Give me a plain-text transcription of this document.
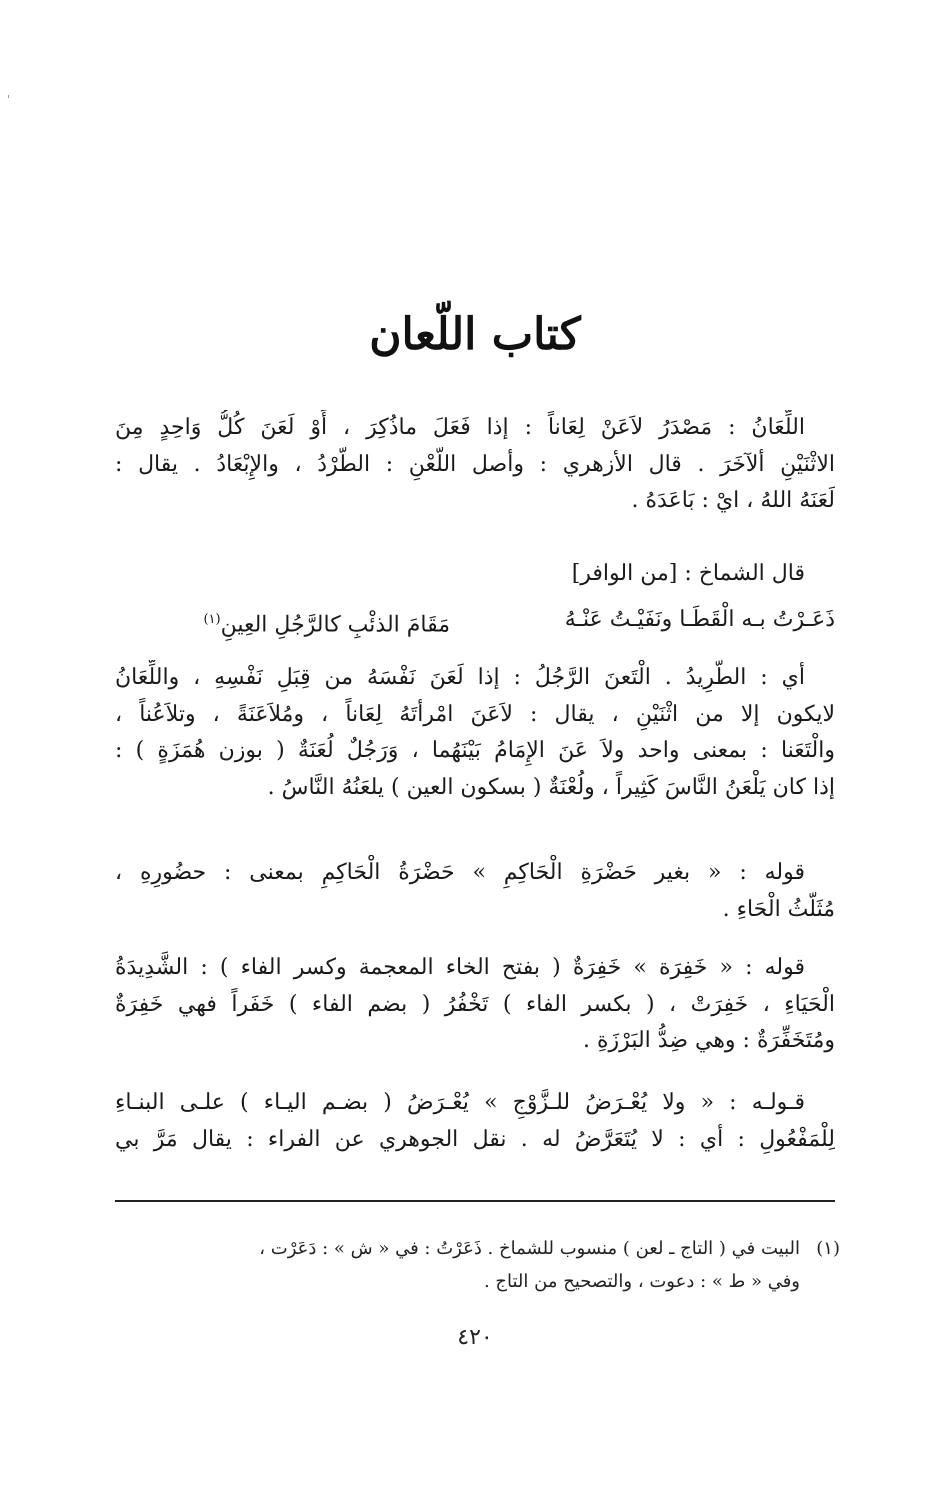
كتاب اللّعان
اللِّعَانُ : مَصْدَرُ لاَعَنْ لِعَاناً : إذا فَعَلَ ماذُكِرَ ، أَوْ لَعَنَ كُلُّ وَاحِدٍ مِنَ
الاثْنَيْنِ ألآخَرَ . قال الأزهري : وأصل اللَّعْنِ : الطَّرْدُ ، والإِبْعَادُ . يقال :
لَعَنَهُ اللهُ ، ايْ : بَاعَدَهُ .
قال الشماخ : [من الوافر]
ذَعَـرْتُ بـه الْقَطَـا ونَفَيْـتُ عَنْـهُ
مَقَامَ الذئْبِ كالرَّجُلِ العِينِ$^{(١)}$
أي : الطَّرِيدُ . الْتَعنَ الرَّجُلُ : إذا لَعَنَ نَفْسَهُ من قِبَلِ نَفْسِهِ ، واللِّعَانُ
لايكون إلا من اثْنَيْنِ ، يقال : لاَعَنَ امْرأتَهُ لِعَاناً ، ومُلاَعَنَةً ، وتلاَعُناً ،
والْتَعَنا : بمعنى واحد ولاَ عَنَ الإِمَامُ بَيْنَهُما ، وَرَجُلٌ لُعَنَةٌ ( بوزن هُمَزَةٍ ) :
إذا كان يَلْعَنُ النَّاسَ كَثِيراً ، ولُعْنَةٌ ( بسكون العين ) يلعَنُهُ النَّاسُ .
قوله : « بغير حَضْرَةِ الْحَاكِمِ » حَضْرَةُ الْحَاكِمِ بمعنى : حضُورِهِ ،
مُثَلَّثُ الْحَاءِ .
قوله : « خَفِرَة » خَفِرَةٌ ( بفتح الخاء المعجمة وكسر الفاء ) : الشَّدِيدَةُ
الْحَيَاءِ ، خَفِرَتْ ، ( بكسر الفاء ) تَخْفُرُ ( بضم الفاء ) خَفَراً فهي خَفِرَةٌ
ومُتَخَفِّرَةٌ : وهي ضِدُّ البَرْزَةِ .
قـولـه : « ولا يُعْـرَضُ للـزَّوْجِ » يُعْـرَضُ ( بضـم اليـاء ) علـى البنـاءِ
لِلْمَفْعُولِ : أي : لا يُتَعَرَّضُ له . نقل الجوهري عن الفراء : يقال مَرَّ بي
(١)البيت في ( التاج ـ لعن ) منسوب للشماخ . ذَعَرْتُ : في « ش » : دَعَرْت ،
وفي « ط » : دعوت ، والتصحيح من التاج .
٤٢٠
